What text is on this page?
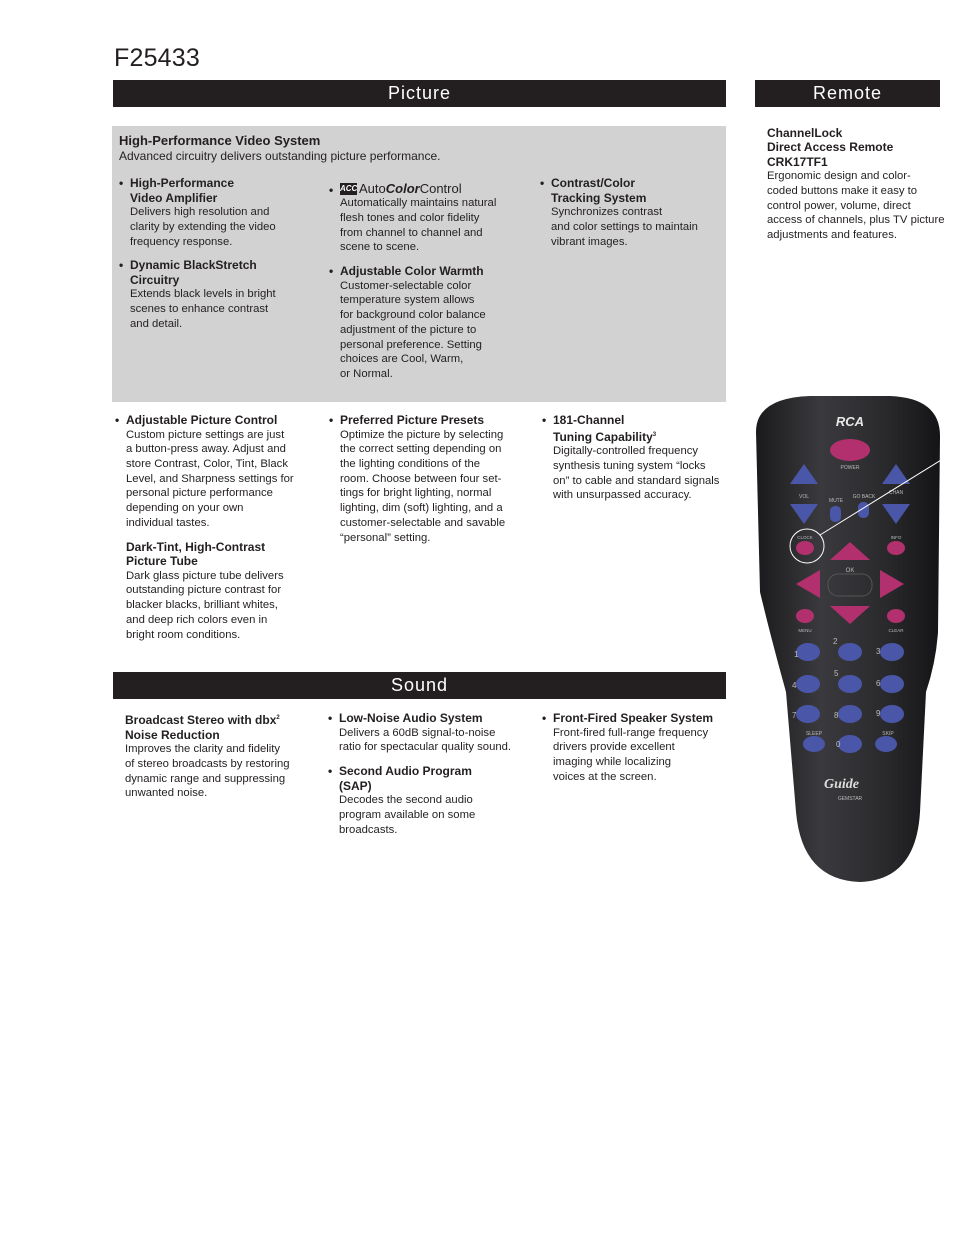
F25433
Picture	Remote
High-Performance Video System
Advanced circuitry delivers outstanding picture performance.
• High-Performance
Video Amplifier
Delivers high resolution and
clarity by extending the video
frequency response.
• Dynamic BlackStretch
Circuitry
Extends black levels in bright
scenes to enhance contrast
and detail.
• ACC Auto Color Control
Automatically maintains natural
flesh tones and color fidelity
from channel to channel and
scene to scene.
• Adjustable Color Warmth
Customer-selectable color
temperature system allows
for background color balance
adjustment of the picture to
personal preference. Setting
choices are Cool, Warm,
or Normal.
• Contrast/Color
Tracking System
Synchronizes contrast
and color settings to maintain
vibrant images.
• Adjustable Picture Control
Custom picture settings are just
a button-press away. Adjust and
store Contrast, Color, Tint, Black
Level, and Sharpness settings for
personal picture performance
depending on your own
individual tastes.
Dark-Tint, High-Contrast
Picture Tube
Dark glass picture tube delivers
outstanding picture contrast for
blacker blacks, brilliant whites,
and deep rich colors even in
bright room conditions.
• Preferred Picture Presets
Optimize the picture by selecting
the correct setting depending on
the lighting conditions of the
room. Choose between four set-
tings for bright lighting, normal
lighting, dim (soft) lighting, and a
customer-selectable and savable
“personal” setting.
• 181-Channel
Tuning Capability$^3$
Digitally-controlled frequency
synthesis tuning system “locks
on” to cable and standard signals
with unsurpassed accuracy.
Sound
Broadcast Stereo with dbx$^2$
Noise Reduction
Improves the clarity and fidelity
of stereo broadcasts by restoring
dynamic range and suppressing
unwanted noise.
• Low-Noise Audio System
Delivers a 60dB signal-to-noise
ratio for spectacular quality sound.
• Second Audio Program
(SAP)
Decodes the second audio
program available on some
broadcasts.
• Front-Fired Speaker System
Front-fired full-range frequency
drivers provide excellent
imaging while localizing
voices at the screen.
ChannelLock
Direct Access Remote
CRK17TF1
Ergonomic design and color-
coded buttons make it easy to
control power, volume, direct
access of channels, plus TV picture
adjustments and features.
RCA
POWER
VOL
CHAN
MUTE
GO BACK
CLOCK	INFO
OK
MENU	CLEAR
1
2
3
4
5
6
7	8	9
0
SLEEP	SKIP
Guide
GEMSTAR
